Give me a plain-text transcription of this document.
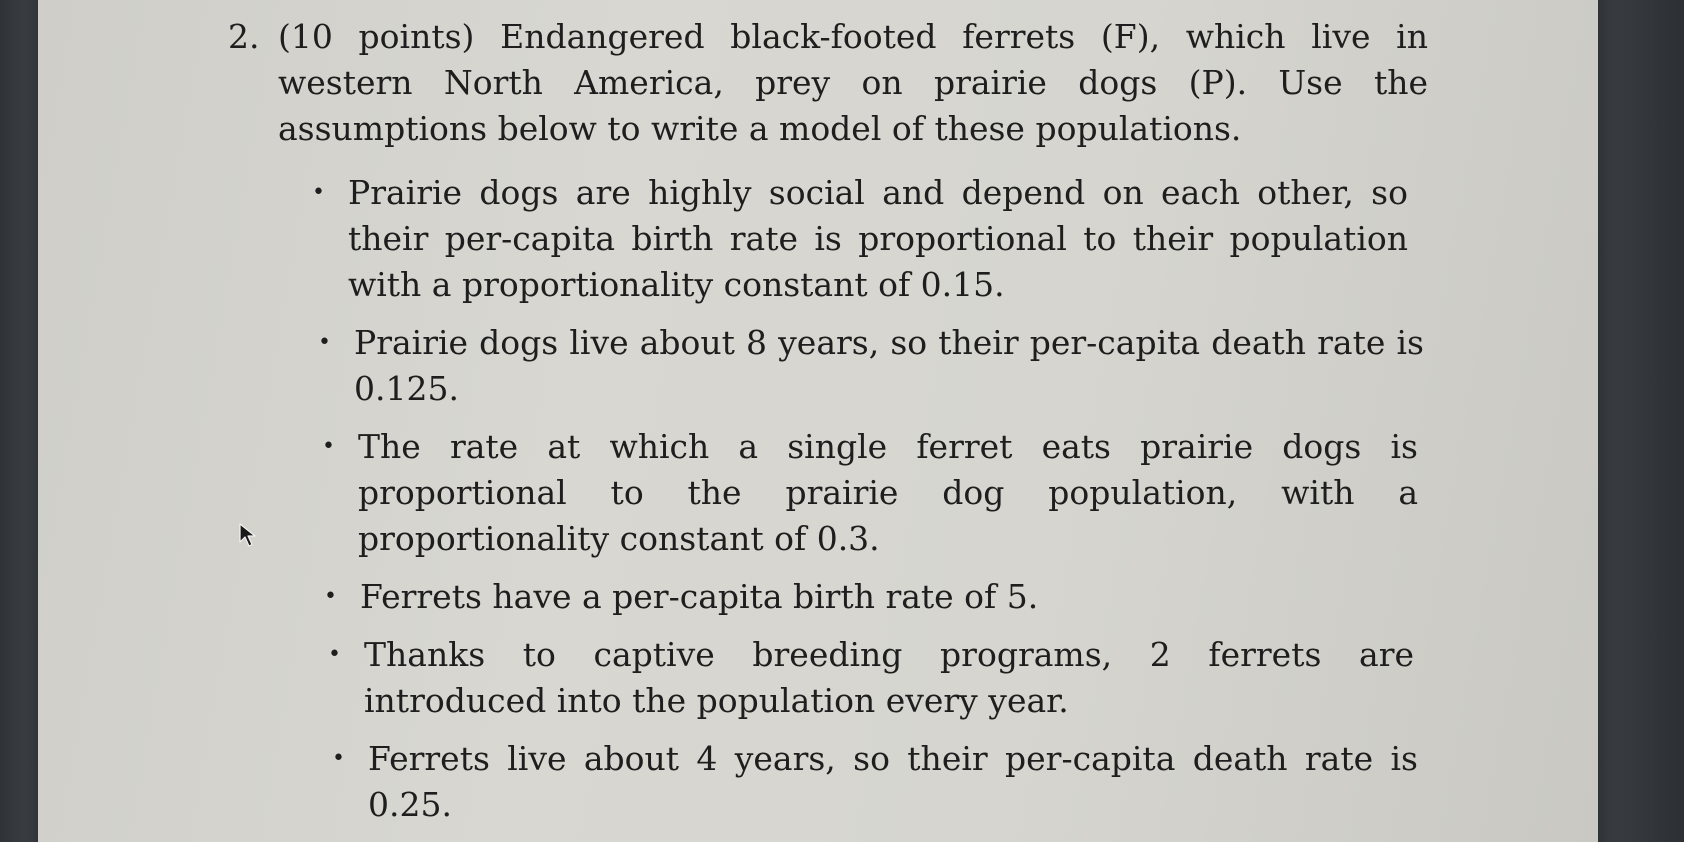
2. (10 points) Endangered black-footed ferrets (F), which live in western North America, prey on prairie dogs (P). Use the assumptions below to write a model of these populations.
• Prairie dogs are highly social and depend on each other, so their per-capita birth rate is proportional to their population with a proportionality constant of 0.15.
• Prairie dogs live about 8 years, so their per-capita death rate is 0.125.
• The rate at which a single ferret eats prairie dogs is proportional to the prairie dog population, with a proportionality constant of 0.3.
• Ferrets have a per-capita birth rate of 5.
• Thanks to captive breeding programs, 2 ferrets are introduced into the population every year.
• Ferrets live about 4 years, so their per-capita death rate is 0.25.
